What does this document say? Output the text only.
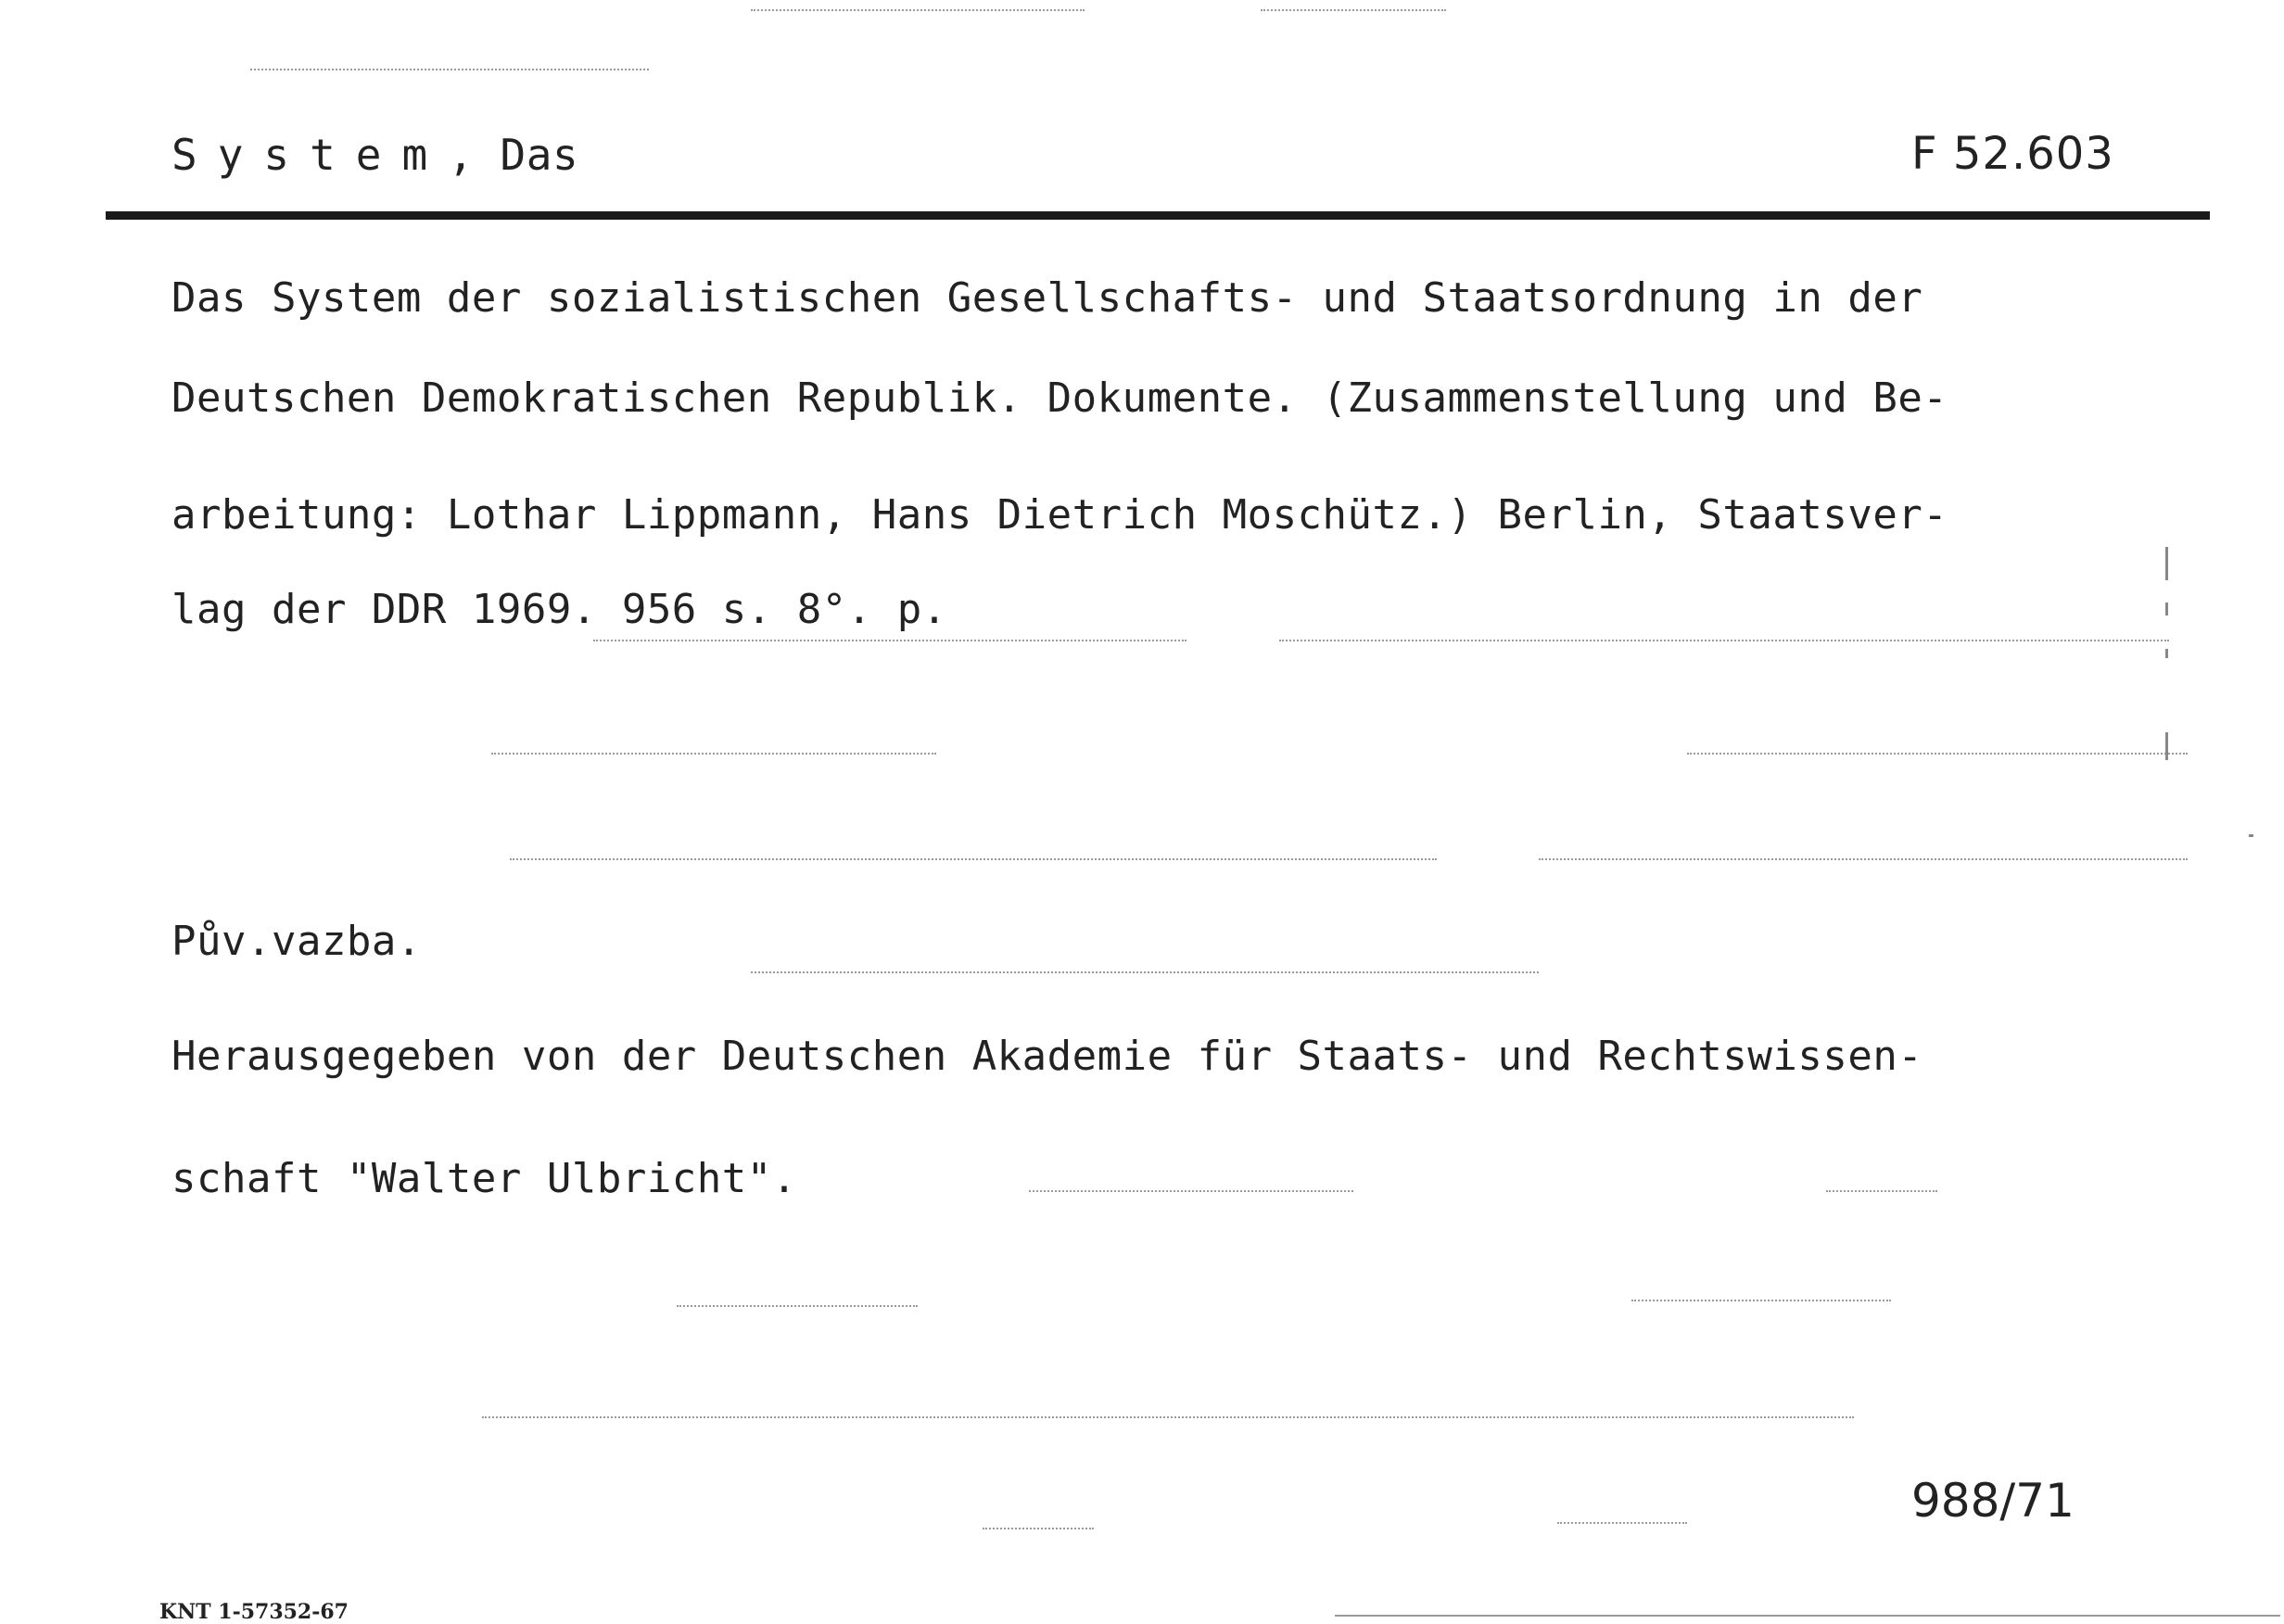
System, Das	F 52.603
Das System der sozialistischen Gesellschafts- und Staatsordnung in der
Deutschen Demokratischen Republik. Dokumente. (Zusammenstellung und Be-
arbeitung: Lothar Lippmann, Hans Dietrich Moschütz.) Berlin, Staatsver-
lag der DDR 1969. 956 s. 8°. p.
Pův.vazba.
Herausgegeben von der Deutschen Akademie für Staats- und Rechtswissen-
schaft "Walter Ulbricht".
988/71
KNT 1-57352-67
